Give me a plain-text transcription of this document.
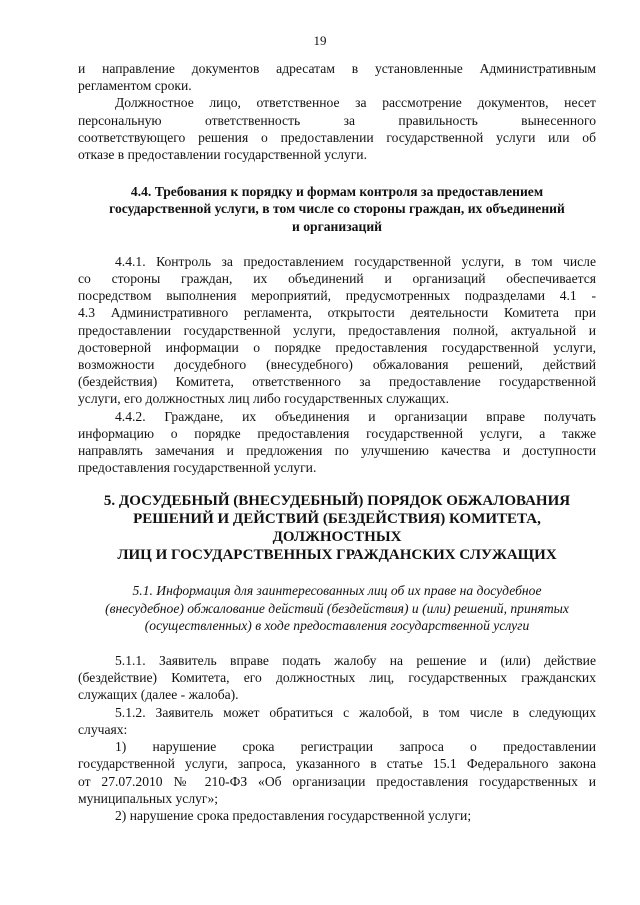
19

и направление документов адресатам в установленные Административным

регламентом сроки.

Должностное лицо, ответственное за рассмотрение документов, несет

персональную ответственность за правильность вынесенного

соответствующего решения о предоставлении государственной услуги или об

отказе в предоставлении государственной услуги.

4.4. Требования к порядку и формам контроля за предоставлением

государственной услуги, в том числе со стороны граждан, их объединений

и организаций

4.4.1. Контроль за предоставлением государственной услуги, в том числе

со стороны граждан, их объединений и организаций обеспечивается

посредством выполнения мероприятий, предусмотренных подразделами 4.1 -

4.3 Административного регламента, открытости деятельности Комитета при

предоставлении государственной услуги, предоставления полной, актуальной и

достоверной информации о порядке предоставления государственной услуги,

возможности досудебного (внесудебного) обжалования решений, действий

(бездействия) Комитета, ответственного за предоставление государственной

услуги, его должностных лиц либо государственных служащих.

4.4.2. Граждане, их объединения и организации вправе получать

информацию о порядке предоставления государственной услуги, а также

направлять замечания и предложения по улучшению качества и доступности

предоставления государственной услуги.

5. ДОСУДЕБНЫЙ (ВНЕСУДЕБНЫЙ) ПОРЯДОК ОБЖАЛОВАНИЯ

РЕШЕНИЙ И ДЕЙСТВИЙ (БЕЗДЕЙСТВИЯ) КОМИТЕТА,

ДОЛЖНОСТНЫХ

ЛИЦ И ГОСУДАРСТВЕННЫХ ГРАЖДАНСКИХ СЛУЖАЩИХ

5.1. Информация для заинтересованных лиц об их праве на досудебное

(внесудебное) обжалование действий (бездействия) и (или) решений, принятых

(осуществленных) в ходе предоставления государственной услуги

5.1.1. Заявитель вправе подать жалобу на решение и (или) действие

(бездействие) Комитета, его должностных лиц, государственных гражданских

служащих (далее - жалоба).

5.1.2. Заявитель может обратиться с жалобой, в том числе в следующих

случаях:

1) нарушение срока регистрации запроса о предоставлении

государственной услуги, запроса, указанного в статье 15.1 Федерального закона

от 27.07.2010 № 210-ФЗ «Об организации предоставления государственных и

муниципальных услуг»;

2) нарушение срока предоставления государственной услуги;
